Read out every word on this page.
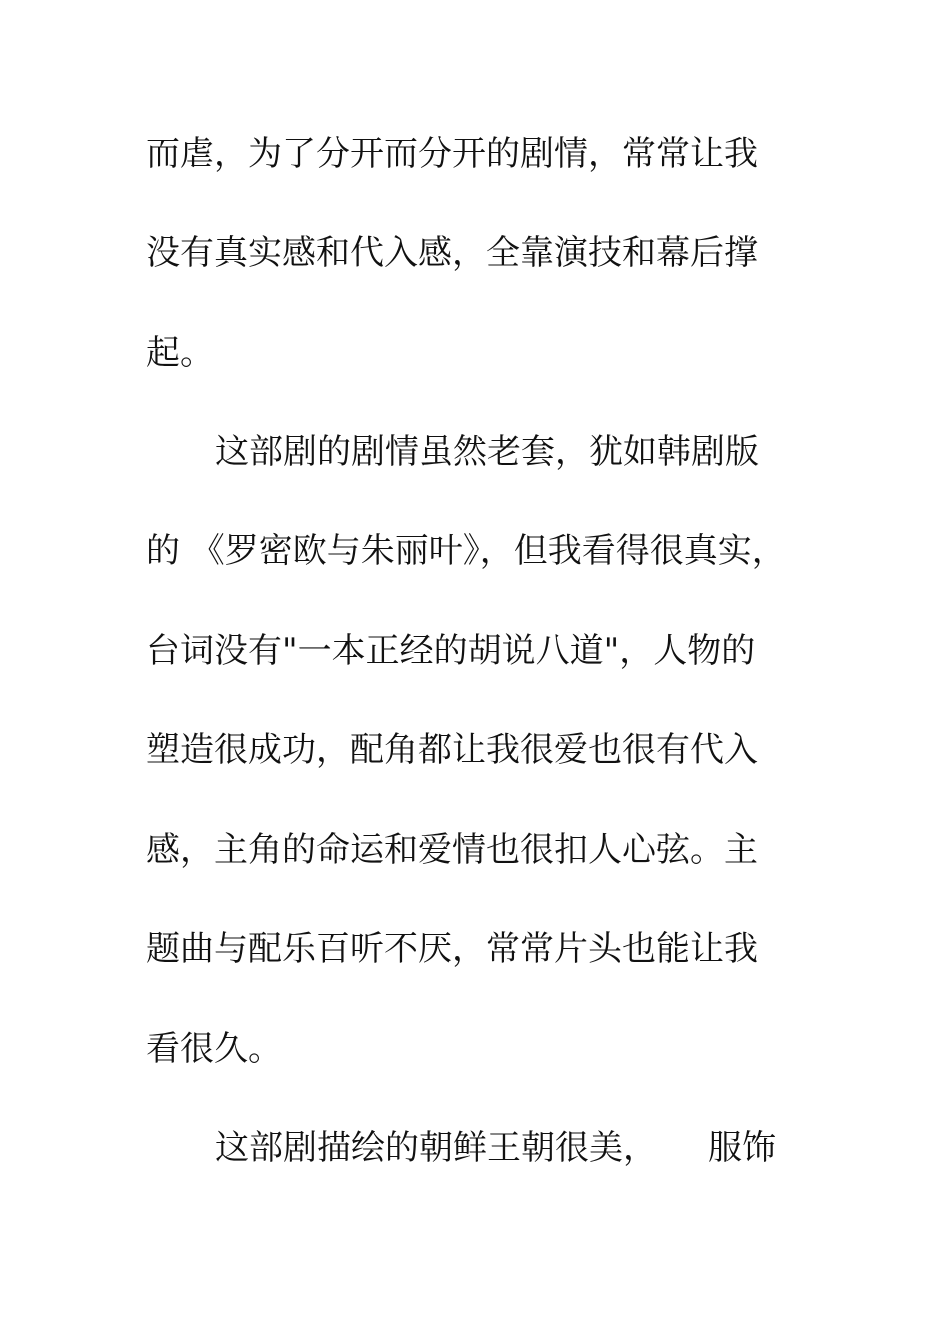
而虐，为了分开而分开的剧情，常常让我
没有真实感和代入感，全靠演技和幕后撑
起。
这部剧的剧情虽然老套，犹如韩剧版
的 《罗密欧与朱丽叶》，但我看得很真实，
台词没有"一本正经的胡说八道"，人物的
塑造很成功，配角都让我很爱也很有代入
感，主角的命运和爱情也很扣人心弦。主
题曲与配乐百听不厌，常常片头也能让我
看很久。
这部剧描绘的朝鲜王朝很美，　　服饰
